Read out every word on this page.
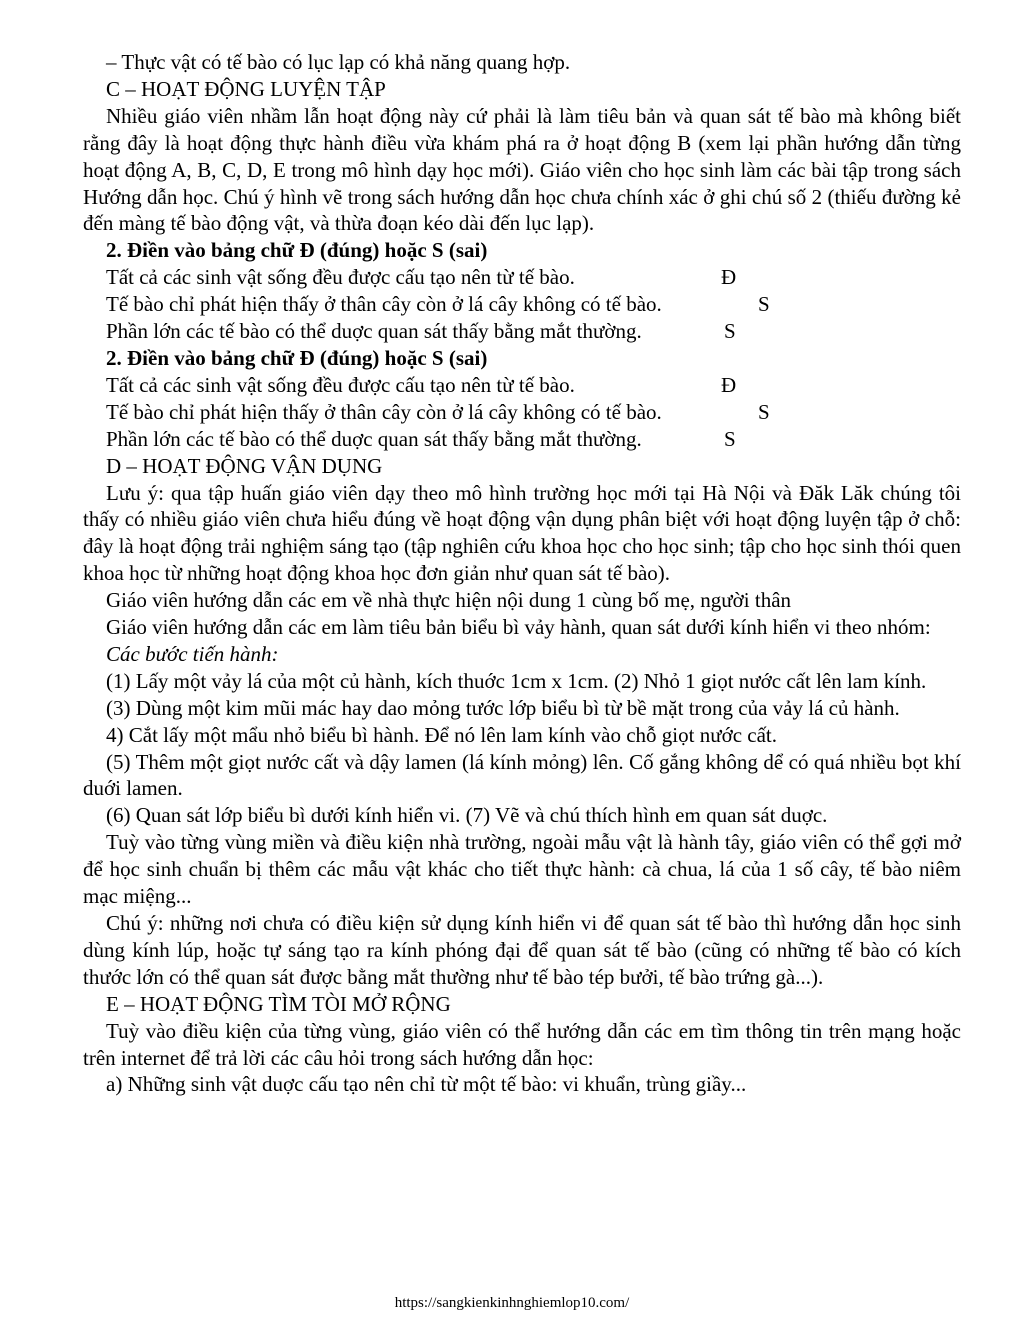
– Thực vật có tế bào có lục lạp có khả năng quang hợp.

C – HOẠT ĐỘNG LUYỆN TẬP

Nhiều giáo viên nhầm lẫn hoạt động này cứ phải là làm tiêu bản và quan sát tế bào mà không biết rằng đây là hoạt động thực hành điều vừa khám phá ra ở hoạt động B (xem lại phần hướng dẫn từng hoạt động A, B, C, D, E trong mô hình dạy học mới). Giáo viên cho học sinh làm các bài tập trong sách Hướng dẫn học. Chú ý hình vẽ trong sách hướng dẫn học chưa chính xác ở ghi chú số 2 (thiếu đường kẻ đến màng tế bào động vật, và thừa đoạn kéo dài đến lục lạp).

2. Điền vào bảng chữ Đ (đúng) hoặc S (sai)

Tất cả các sinh vật sống đều được cấu tạo nên từ tế bào.	Đ
Tế bào chỉ phát hiện thấy ở thân cây còn ở lá cây không có tế bào.	S
Phần lớn các tế bào có thể duợc quan sát thấy bằng mắt thường.	S

2. Điền vào bảng chữ Đ (đúng) hoặc S (sai)

Tất cả các sinh vật sống đều được cấu tạo nên từ tế bào.	Đ
Tế bào chỉ phát hiện thấy ở thân cây còn ở lá cây không có tế bào.	S
Phần lớn các tế bào có thể duợc quan sát thấy bằng mắt thường.	S

D – HOẠT ĐỘNG VẬN DỤNG

Lưu ý: qua tập huấn giáo viên dạy theo mô hình trường học mới tại Hà Nội và Đăk Lăk chúng tôi thấy có nhiều giáo viên chưa hiểu đúng về hoạt động vận dụng phân biệt với hoạt động luyện tập ở chỗ: đây là hoạt động trải nghiệm sáng tạo (tập nghiên cứu khoa học cho học sinh; tập cho học sinh thói quen khoa học từ những hoạt động khoa học đơn giản như quan sát tế bào).

Giáo viên hướng dẫn các em về nhà thực hiện nội dung 1 cùng bố mẹ, người thân

Giáo viên hướng dẫn các em làm tiêu bản biểu bì vảy hành, quan sát dưới kính hiển vi theo nhóm:

Các bước tiến hành:

(1) Lấy một vảy lá của một củ hành, kích thuớc 1cm x 1cm. (2) Nhỏ 1 giọt nước cất lên lam kính.

(3) Dùng một kim mũi mác hay dao mỏng tước lớp biểu bì từ bề mặt trong của vảy lá củ hành.

4) Cắt lấy một mẩu nhỏ biểu bì hành. Để nó lên lam kính vào chỗ giọt nước cất.

(5) Thêm một giọt nước cất và dậy lamen (lá kính mỏng) lên. Cố gắng không dể có quá nhiều bọt khí duới lamen.

(6) Quan sát lớp biểu bì dưới kính hiển vi. (7) Vẽ và chú thích hình em quan sát duợc.

Tuỳ vào từng vùng miền và điều kiện nhà trường, ngoài mẫu vật là hành tây, giáo viên có thể gợi mở để học sinh chuẩn bị thêm các mẫu vật khác cho tiết thực hành: cà chua, lá của 1 số cây, tế bào niêm mạc miệng...

Chú ý: những nơi chưa có điều kiện sử dụng kính hiển vi để quan sát tế bào thì hướng dẫn học sinh dùng kính lúp, hoặc tự sáng tạo ra kính phóng đại để quan sát tế bào (cũng có những tế bào có kích thước lớn có thể quan sát được bằng mắt thường như tế bào tép bưởi, tế bào trứng gà...).

E – HOẠT ĐỘNG TÌM TÒI MỞ RỘNG

Tuỳ vào điều kiện của từng vùng, giáo viên có thể hướng dẫn các em tìm thông tin trên mạng hoặc trên internet để trả lời các câu hỏi trong sách hướng dẫn học:

a) Những sinh vật duợc cấu tạo nên chỉ từ một tế bào: vi khuẩn, trùng giầy...

https://sangkienkinhnghiemlop10.com/
